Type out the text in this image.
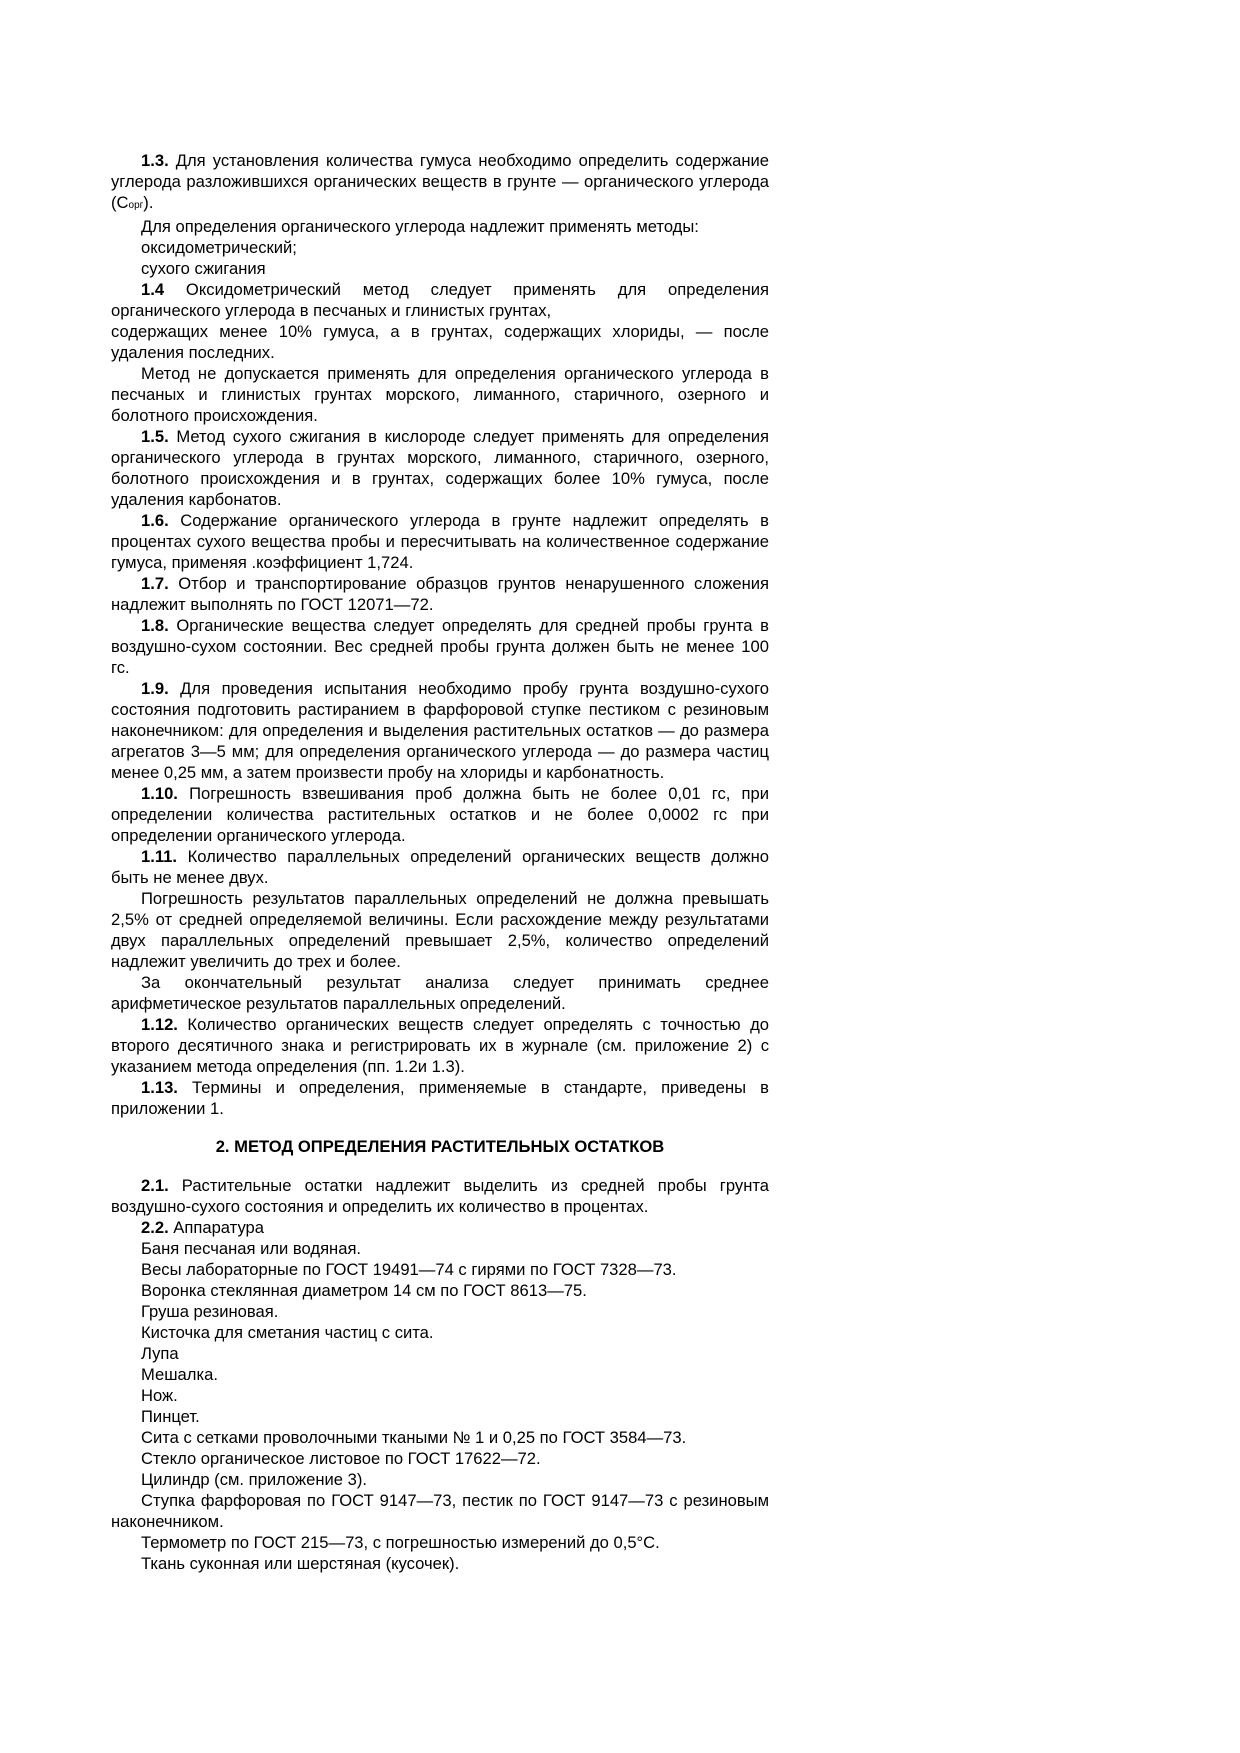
1.3. Для установления количества гумуса необходимо определить содержание углерода разложившихся органических веществ в грунте — органического углерода (Сорг).

Для определения органического углерода надлежит применять методы:

оксидометрический;

сухого сжигания

1.4 Оксидометрический метод следует применять для определения органического углерода в песчаных и глинистых грунтах,

содержащих менее 10% гумуса, а в грунтах, содержащих хлориды, — после удаления последних.

Метод не допускается применять для определения органического углерода в песчаных и глинистых грунтах морского, лиманного, старичного, озерного и болотного происхождения.

1.5. Метод сухого сжигания в кислороде следует применять для определения органического углерода в грунтах морского, лиманного, старичного, озерного, болотного происхождения и в грунтах, содержащих более 10% гумуса, после удаления карбонатов.

1.6. Содержание органического углерода в грунте надлежит определять в процентах сухого вещества пробы и пересчитывать на количественное содержание гумуса, применяя .коэффициент 1,724.

1.7. Отбор и транспортирование образцов грунтов ненарушенного сложения надлежит выполнять по ГОСТ 12071—72.

1.8. Органические вещества следует определять для средней пробы грунта в воздушно-сухом состоянии. Вес средней пробы грунта должен быть не менее 100 гс.

1.9. Для проведения испытания необходимо пробу грунта воздушно-сухого состояния подготовить растиранием в фарфоровой ступке пестиком с резиновым наконечником: для определения и выделения растительных остатков — до размера агрегатов 3—5 мм; для определения органического углерода — до размера частиц менее 0,25 мм, а затем произвести пробу на хлориды и карбонатность.

1.10. Погрешность взвешивания проб должна быть не более 0,01 гс, при определении количества растительных остатков и не более 0,0002 гс при определении органического углерода.

1.11. Количество параллельных определений органических веществ должно быть не менее двух.

Погрешность результатов параллельных определений не должна превышать 2,5% от средней определяемой величины. Если расхождение между результатами двух параллельных определений превышает 2,5%, количество определений надлежит увеличить до трех и более.

За окончательный результат анализа следует принимать среднее арифметическое результатов параллельных определений.

1.12. Количество органических веществ следует определять с точностью до второго десятичного знака и регистрировать их в журнале (см. приложение 2) с указанием метода определения (пп. 1.2и 1.3).

1.13. Термины и определения, применяемые в стандарте, приведены в приложении 1.

2. МЕТОД ОПРЕДЕЛЕНИЯ РАСТИТЕЛЬНЫХ ОСТАТКОВ

2.1. Растительные остатки надлежит выделить из средней пробы грунта воздушно-сухого состояния и определить их количество в процентах.

2.2. Аппаратура

Баня песчаная или водяная.

Весы лабораторные по ГОСТ 19491—74 с гирями по ГОСТ 7328—73.

Воронка стеклянная диаметром 14 см по ГОСТ 8613—75.

Груша резиновая.

Кисточка для сметания частиц с сита.

Лупа

Мешалка.

Нож.

Пинцет.

Сита с сетками проволочными ткаными № 1 и 0,25 по ГОСТ 3584—73.

Стекло органическое листовое по ГОСТ 17622—72.

Цилиндр (см. приложение 3).

Ступка фарфоровая по ГОСТ 9147—73, пестик по ГОСТ 9147—73 с резиновым наконечником.

Термометр по ГОСТ 215—73, с погрешностью измерений до 0,5°С.

Ткань суконная или шерстяная (кусочек).
